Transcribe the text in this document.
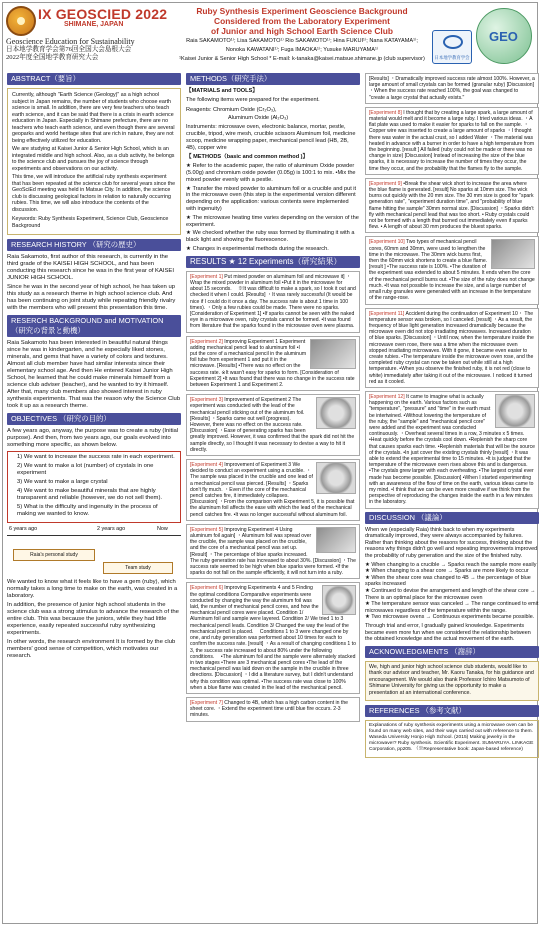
IX GEOSCIED 2022
SHIMANE, JAPAN
Geoscience Education for Sustainability
日本地学教育学会第76回全国大会島根大会
2022年度全国地学教育研究大会
Ruby Synthesis Experiment Geoscience Background
Considered from the Laboratory Experiment
of Junior and high School Earth Science Club
Raia SAKAMOTO¹⁾; Lisa SAKAMOTO¹⁾ Rio SAKAMOTO¹⁾; Hina FUKUI¹⁾; Nana KATAYAMA¹⁾;
Nonoka KAWATANI¹⁾; Fuga IMAOKA¹⁾; Yusuke MARUYAMA¹⁾
¹Kaisei Junior & Senior High School * E-mail: k-tanaka@kaisei.matsue.shimane.jp (club supervisor)	日本地学教育学会
GEO
ABSTRACT（要旨）

Currently, although "Earth Science (Geology)" as a high school subject in Japan remains, the number of students who choose earth science is small. In addition, there are very few teachers who teach earth science, and it can be said that there is a crisis in earth science education in Japan. Especially in Shimane prefecture, there are no teachers who teach earth science, and even though there are several geoparks and world heritage sites that are rich in nature, they are not being effectively utilized for education.

We are studying at Kaisei Junior & Senior High School, which is an integrated middle and high school. Also, as a club activity, he belongs to the science club and pursues the joy of science through experiments and observations on our activity.

This time, we will introduce the artificial ruby synthesis experiment that has been repeated at the science club for several years since the GeoSciEd meeting was held in Matsue City. In addition, the science club is discussing geological factors in relation to naturally occurring rubies. This time, we will also introduce the contents of the discussion.

Keywords: Ruby Synthesis Experiment, Science Club, Geoscience Background

RESEARCH HISTORY （研究の歴史）

Raia Sakamoto, first author of this research, is currently in the third grade of the KAISEI HIGH SCHOOL, and has been conducting this research since he was in the first year of KAISEI JUNIOR HIGH SCHOOL.

Since he was in the second year of high school, he has taken up this study as a research theme in high school science club. And has been continuing on joint study while repeating friendly rivalry with the members who will present this presentation this time.

RESERCH BACKGROUND and MOTIVATION （研究の背景と動機）

Raia Sakamoto has been interested in beautiful natural things since he was in kindergarten, and he especially liked stones, minerals, and gems that have a variety of colors and textures. Almost all club member have had similar interests since their elementary school age. And then He entered Kaisei Junior High School, he learned that he could make minerals himself from a science club adviser (teacher), and he wanted to try it himself. After that, many club members also showed interest in ruby synthesis experiments. That was the reason why the Science Club took it up as a research theme.

OBJECTIVES （研究の目的）

A few years ago, anyway, the purpose was to create a ruby (Initial purpose). And then, from two years ago, our goals evolved into something more specific, as shown below.

1) We want to increase the success rate in each experiment.
2) We want to make a lot (number) of crystals in one experiment
3) We want to make a large crystal
4) We want to make beautiful minerals that are highly transparent and reliable (however, we do not sell them).
5) What is the difficulty and ingenuity in the process of making we wanted to know.
6 years ago	2 years ago	Now
Raia's personal study
Team study

We wanted to know what it feels like to have a gem (ruby), which normally takes a long time to make on the earth, was created in a laboratory.

In addition, the presence of junior high school students in the science club was a strong stimulus to advance the research of the entire club. This was because the juniors, while they had little experience, easily repeated successful ruby synthesizing experiments.

In other words, the research environment It is formed by the club members' good sense of competition, which motivates our research.

METHODS（研究手法）

【MATRIALS and TOOLS】

The following items were prepared for the experiment.

Reagents: Chromium Oxide (Cr₂O₃),

Aluminum Oxide (Al₂O₃)

Instruments: microwave oven, electronic balance, mortar, pestle, crucible, tripod, wire mesh, crucible scissors Aluminum foil, medicine scoop, medicine wrapping paper, mechanical pencil lead (HB, 2B, 4B), copper wire

【 METHODS（basic and common method )】

★ Refer to the academic paper, the ratio of aluminum Oxide powder (5.00g) and chromium oxide powder (0.05g) is 100:1 to mix. •Mix the mixed powder evenly with a pestle.

★ Transfer the mixed powder to aluminum foil or a crucible and put it in the microwave oven (this step is the experimental version different depending on the application: various contents were implemented with ingenuity)

★ The microwave heating time varies depending on the version of the experiment.

★ We checked whether the ruby was formed by illuminating it with a black light and showing the fluorescence.

★ Changes in experimental methods during the research.

RESULTS ★ 12 Experiments（研究結果）
[Experiment 1] Put mixed powder on aluminum foil and microwave it] ・Wrap the mixed powder in aluminum foil •Put it in the microwave for about 15 seconds. 　※It was difficult to make a spark, so I took it out and checked it when I could. [Results] ・It was rarely successful (It would be nice if I could do it once a day. The success rate is about 1 time in 100 times). ・Only a few rubies could be made. There were no sparks. [Consideration of Experiment 1] •If sparks cannot be seen with the naked eye in a microwave oven, ruby crystals cannot be formed. •It was found from literature that the sparks found in the microwave oven were plasma.
[Experiment 2] Improving Experiment 1 Experiment adding mechanical pencil lead to aluminum foil •I put the core of a mechanical pencil in the aluminum foil tube from experiment 1 and put it in the microwave. [Results] •There was no effect on the success rate. ※It wasn't easy for sparks to form. [Consideration of Experiment 2] •It was found that there was no change in the success rate between Experiment 1 and Experiment 2.
[Experiment 3] Improvement of Experiment 2 The experiment was conducted with the lead of the mechanical pencil sticking out of the aluminum foil. [Results] ・Sparks came out well (progress). However, there was no effect on the success rate. [Discussion] ・Ease of generating sparks has been greatly improved. However, it was confirmed that the spark did not hit the sample directly, so I thought it was necessary to devise a way to hit it directly.
[Experiment 4] Improvement of Experiment 3 We decided to conduct an experiment using a crucible. ・The sample was placed in the crucible and one lead of a mechanical pencil was pierced. [Results] ・Sparks don't fly much. ・Even if the core of the mechanical pencil catches fire, it immediately collapses. [Discussion] ・From the comparison with Experiment 5, it is possible that the aluminum foil affects the ease with which the lead of the mechanical pencil catches fire. •It was no longer successful without aluminum foil.
[Experiment 5] Improving Experiment 4 Using aluminum foil again] ・Aluminum foil was spread over the crucible, the sample was placed on the crucible, and the core of a mechanical pencil was set up. [Result] ・The percentage of blue sparks increased. The ruby generation rate has increased to about 30%. [Discussion] ・The success rate seemed to be high when blue sparks were formed. •If the sparks do not fall on the sample efficiently, it will not turn into a ruby.
[Experiment 6] Improving Experiments 4 and 5 Finding the optimal conditions Comparative experiments were conducted by changing the way the aluminum foil was laid, the number of mechanical pencil cores, and how the mechanical pencil cores were placed. Condition 1/ Aluminum foil and sample were layered. Condition 2/ We tried 1 to 3 mechanical pencil leads. Condition 3/ Changed the way the lead of the mechanical pencil is placed. 　Conditions 1 to 3 were changed one by one, and ruby generation was performed about 10 times for each to confirm the success rate. [result] ・As a result of changing conditions 1 to 3, the success rate increased to about 80% under the following conditions. 　•The aluminum foil and the sample were alternately stacked in two stages •There are 3 mechanical pencil cores •The lead of the mechanical pencil was laid down on the sample in the crucible in three directions. [Discussion] ・I did a literature survey, but I didn't understand why this condition was optimal. •The success rate was close to 100% when a blue flame was created in the lead of the mechanical pencil.
[Experiment 7] Changed to 4B, which has a high carbon content in the sheet core. ・Extend the experiment time until blue fire occurs. 2-3 minutes.
[Results] ・Dramatically improved success rate almost 100%. However, a large amount of small crystals can be formed (granular ruby) [Discussion] ・When the success rate reached 100%, the goal was changed to "create a large crystal that actually exists."
[Experiment 8] I thought that by creating a large spark, a large amount of material would melt and it become a large ruby. I tried various ideas. ・A flat plate was used to make it easier for sparks to fall on the sample. ・Copper wire was inserted to create a large amount of sparks ・I thought there was water in the actual crust, so I added Water ・The material was heated in advance with a burner in order to have a high temperature from the beginning. [result ] All failed (ruby could not be made or there was no change in size) [Discussion] Instead of increasing the size of the blue sparks, it is necessary to increase the number of times they occur, the time they occur, and the probability that the flames fly to the sample.
[Experiment 9] •Break the shear wick short to increase the area where the blue flame is generated. [result] No sparks at 10mm size. The wick burns out quickly with the 20 mm size. The 30 mm size is good for "spark generation rate", "experiment duration time", and "probability of blue flame hitting the sample" 30mm normal size. [Discussion] ・Sparks didn't fly with mechanical pencil lead that was too short. • Ruby crystals could not be formed with a length that burned out immediately even if sparks flew. • A length of about 30 mm produces the bluest sparks.
[Experiment 10] Two types of mechanical pencil cores, 60mm and 30mm, were used to lengthen the time in the microwave. The 30mm wick burns first, then the 60mm wick shortens to create a blue flame. [result ] •The success rate is 100%. •The duration of the experiment was extended to about 5 minutes. It ends when the core of the mechanical pencil burns out. •The size of the ruby does not change much. •It was not possible to increase the size, and a large number of small ruby granules were generated with an increase in the temperature of the range-rose.
[Experiment 11] Accident during the continuation of Experiment 10・ The temperature sensor was broken, so I canceled. [result] ・As a result, the frequency of blue light generation increased dramatically because the microwave oven did not stop irradiating microwaves. Increased duration of blue sparks. [Discussion] ・Until now, when the temperature inside the microwave oven rose, there was a time when the microwave oven stopped irradiating microwaves. With it gone, it became even easier to create rubies. •The temperature inside the microwave oven rose, and the completed ruby crystal can now be taken out while still at a high temperature. •When you observe the finished ruby, it is not red (close to white) immediately after taking it out of the microwave. I noticed it turned red as it cooled.
[Experiment 12] It came to imagine what is actually happening on the earth. Various factors such as "temperature", "pressure" and "time" in the earth must be intertwined. •Without lowering the temperature of the ruby, the "sample" and "mechanical pencil core" were added and the experiment was conducted continuously. ・Overheat several times in a row, 3 minutes x 5 times. •Heat quickly before the crystals cool down. •Replenish the sharp core that causes sparks each time. •Replenish materials that will be the source of the crystals. •In just cover the existing crystals thinly [result] ・It was able to extend the experimental time to 15 minutes. •It is judged that the temperature of the microwave oven rises above this and is dangerous. •The crystals grew larger with each overheating. •The largest crystal ever made has become possible. [Discussion] •When I started experimenting with an awareness of the flow of time on the earth, various ideas came to my mind. •I think that we can be even more creative if we think from the perspective of reproducing the changes inside the earth in a few minutes in the laboratory.
DISCUSSION （議論）

When we (especially Raia) think back to when my experiments dramatically improved, they were always accompanied by failures. Rather than thinking about the reasons for success, thinking about the reasons why things didn't go well and repeating improvements improved the probability of ruby generation and the size of the finished ruby.

★ When changing to a crucible → Sparks reach the sample more easily

★ When changing to a shear core → Sparks are more likely to occur

★ When the shear core was changed to 4B → the percentage of blue sparks increased

★ Continued to devise the arrangement and length of the shear core → There is an optimal place for the microwave oven

★ The temperature sensor was canceled → The range continued to emit microwaves regardless of the temperature within the range.

★ Two microwave ovens → Continuous experiments became possible.

Through trial and error, I gradually gained knowledge. Experiments became even more fun when we considered the relationship between the obtained knowledge and the actual movement of the earth.

ACKNOWLEDGMENTS （謝辞）

We, high and junior high school science club students, would like to thank our advisor and teacher, Mr. Kaoru Tanaka, for his guidance and encouragement. We would also thank Professor Ichiro Matsumoto of Shimane University for giving us the opportunity to make a presentation at an international conference.

REFERENCES （参考文献）

Explanations of ruby synthesis experiments using a microwave oven can be found on many web sites, and their ways carried out with reference to them. Waseda University Honjo High School. (2015) Making jewelry in the microwave!? Ruby synthesis. Scientific Experiment. SUMARUYA. LINKAGE Corporation, pp205. （※Representative book: Japan-based reference)
